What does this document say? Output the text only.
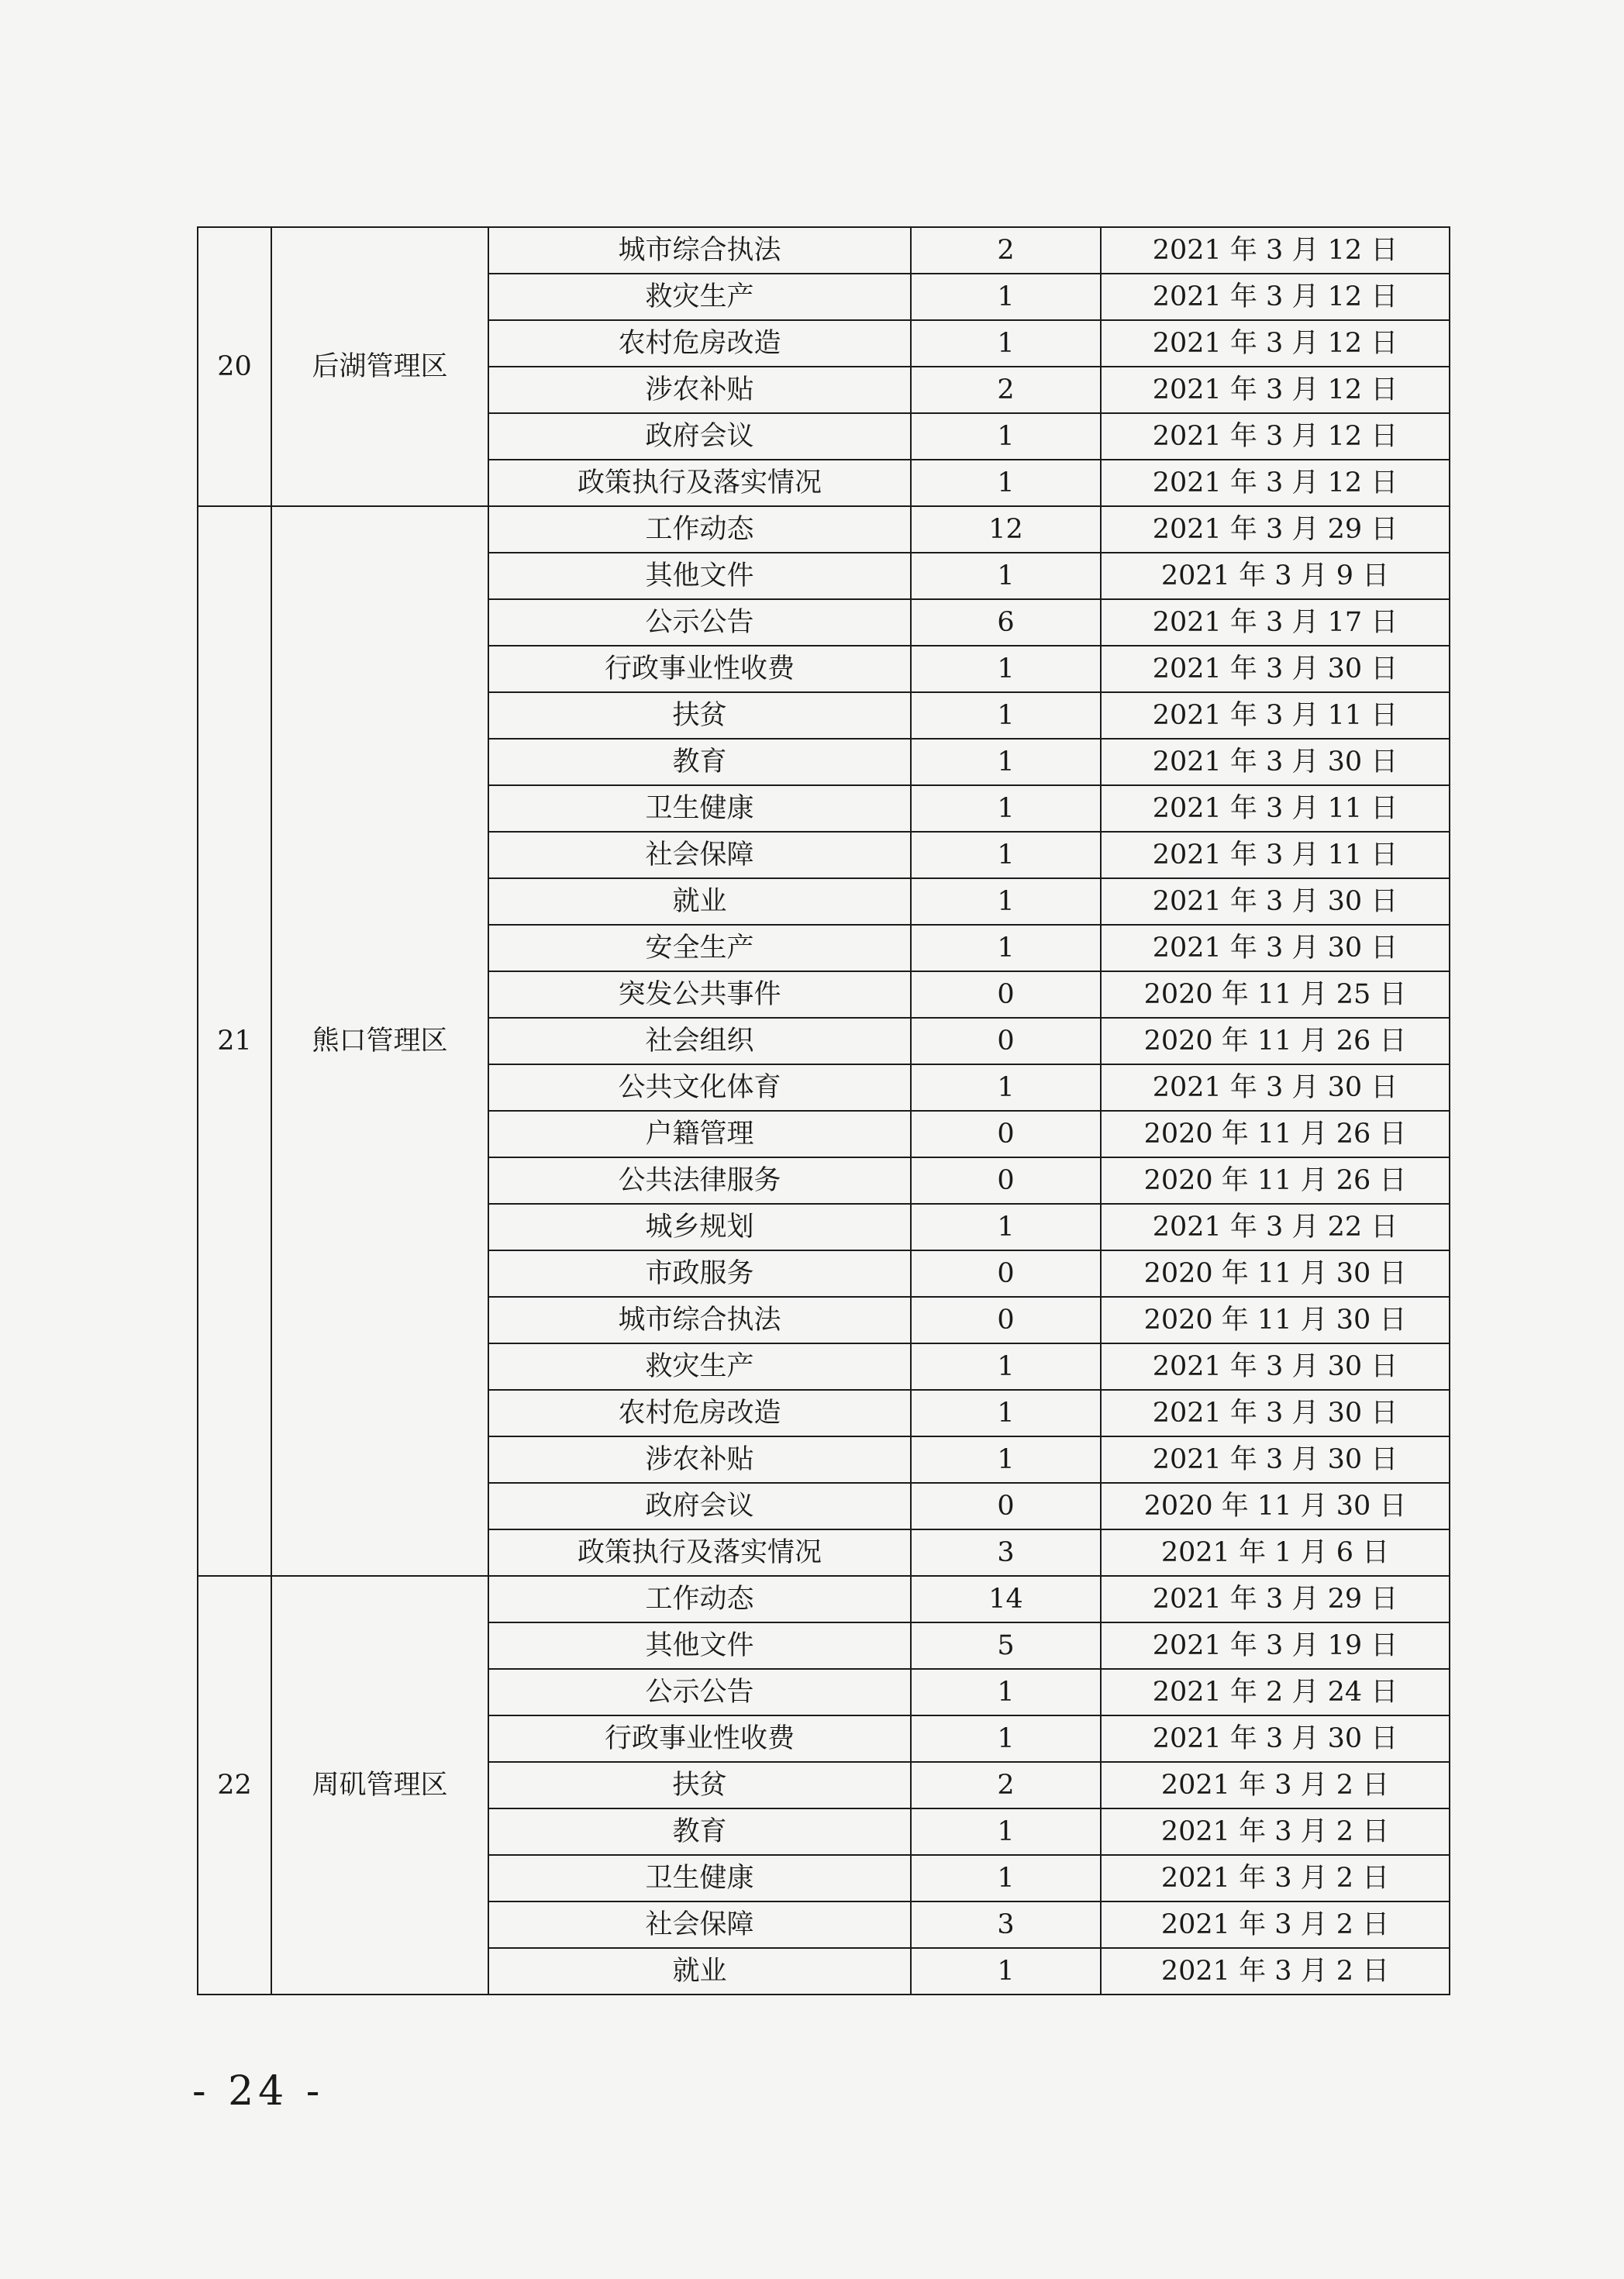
20	后湖管理区	城市综合执法	2	2021 年 3 月 12 日
		救灾生产	1	2021 年 3 月 12 日
		农村危房改造	1	2021 年 3 月 12 日
		涉农补贴	2	2021 年 3 月 12 日
		政府会议	1	2021 年 3 月 12 日
		政策执行及落实情况	1	2021 年 3 月 12 日
21	熊口管理区	工作动态	12	2021 年 3 月 29 日
		其他文件	1	2021 年 3 月 9 日
		公示公告	6	2021 年 3 月 17 日
		行政事业性收费	1	2021 年 3 月 30 日
		扶贫	1	2021 年 3 月 11 日
		教育	1	2021 年 3 月 30 日
		卫生健康	1	2021 年 3 月 11 日
		社会保障	1	2021 年 3 月 11 日
		就业	1	2021 年 3 月 30 日
		安全生产	1	2021 年 3 月 30 日
		突发公共事件	0	2020 年 11 月 25 日
		社会组织	0	2020 年 11 月 26 日
		公共文化体育	1	2021 年 3 月 30 日
		户籍管理	0	2020 年 11 月 26 日
		公共法律服务	0	2020 年 11 月 26 日
		城乡规划	1	2021 年 3 月 22 日
		市政服务	0	2020 年 11 月 30 日
		城市综合执法	0	2020 年 11 月 30 日
		救灾生产	1	2021 年 3 月 30 日
		农村危房改造	1	2021 年 3 月 30 日
		涉农补贴	1	2021 年 3 月 30 日
		政府会议	0	2020 年 11 月 30 日
		政策执行及落实情况	3	2021 年 1 月 6 日
22	周矶管理区	工作动态	14	2021 年 3 月 29 日
		其他文件	5	2021 年 3 月 19 日
		公示公告	1	2021 年 2 月 24 日
		行政事业性收费	1	2021 年 3 月 30 日
		扶贫	2	2021 年 3 月 2 日
		教育	1	2021 年 3 月 2 日
		卫生健康	1	2021 年 3 月 2 日
		社会保障	3	2021 年 3 月 2 日
		就业	1	2021 年 3 月 2 日
- 24 -
